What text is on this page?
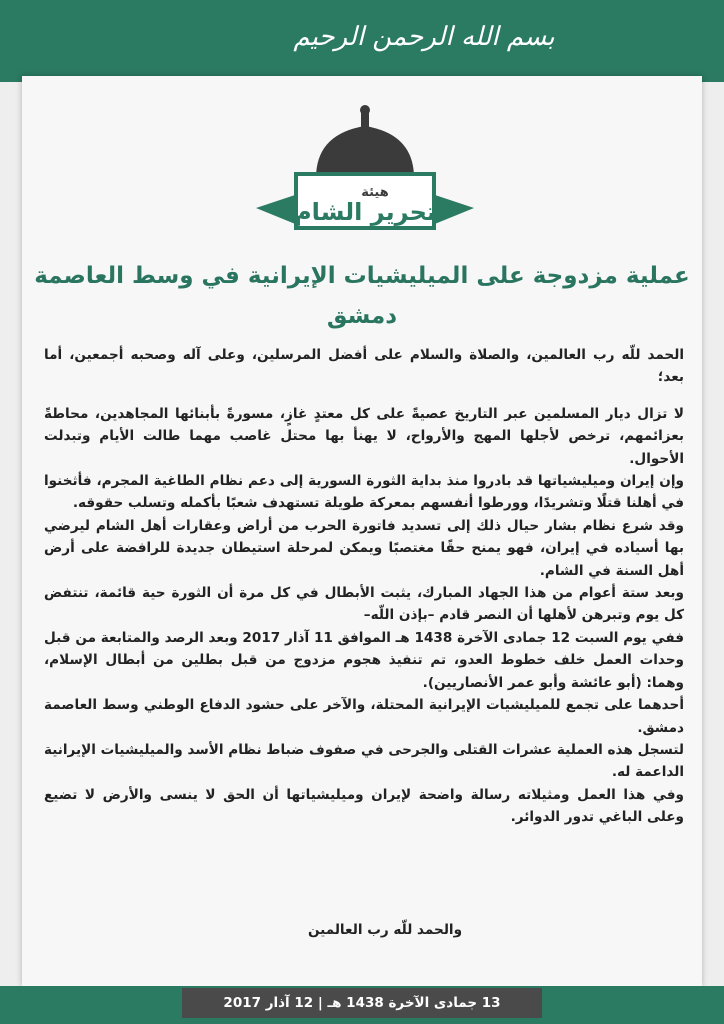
بسم الله الرحمن الرحيم
هيئة
تحرير الشام
عملية مزدوجة على الميليشيات الإيرانية في وسط العاصمة دمشق

الحمد للّه رب العالمين، والصلاة والسلام على أفضل المرسلين، وعلى آله وصحبه أجمعين، أما بعد؛

لا تزال ديار المسلمين عبر التاريخ عصيةً على كل معتدٍ غازٍ، مسورةً بأبنائها المجاهدين، محاطةً بعزائمهم، ترخص لأجلها المهج والأرواح، لا يهنأ بها محتل غاصب مهما طالت الأيام وتبدلت الأحوال.

وإن إيران وميليشياتها قد بادروا منذ بداية الثورة السورية إلى دعم نظام الطاغية المجرم، فأثخنوا في أهلنا قتلًا وتشريدًا، وورطوا أنفسهم بمعركة طويلة تستهدف شعبًا بأكمله وتسلب حقوقه.

وقد شرع نظام بشار حيال ذلك إلى تسديد فاتورة الحرب من أراض وعقارات أهل الشام ليرضي بها أسياده في إيران، فهو يمنح حقًا مغتصبًا ويمكن لمرحلة استيطان جديدة للرافضة على أرض أهل السنة في الشام.

وبعد ستة أعوام من هذا الجهاد المبارك، يثبت الأبطال في كل مرة أن الثورة حية قائمة، تنتفض كل يوم وتبرهن لأهلها أن النصر قادم –بإذن اللّه–

ففي يوم السبت 12 جمادى الآخرة 1438 هـ الموافق 11 آذار 2017 وبعد الرصد والمتابعة من قبل وحدات العمل خلف خطوط العدو، تم تنفيذ هجوم مزدوج من قبل بطلين من أبطال الإسلام، وهما: (أبو عائشة وأبو عمر الأنصاريين).

أحدهما على تجمع للميليشيات الإيرانية المحتلة، والآخر على حشود الدفاع الوطني وسط العاصمة دمشق.

لتسجل هذه العملية عشرات القتلى والجرحى في صفوف ضباط نظام الأسد والميليشيات الإيرانية الداعمة له.

وفي هذا العمل ومثيلاته رسالة واضحة لإيران وميليشياتها أن الحق لا ينسى والأرض لا تضيع وعلى الباغي تدور الدوائر.

والحمد للّه رب العالمين
13 جمادى الآخرة 1438 هـ | 12 آذار 2017
